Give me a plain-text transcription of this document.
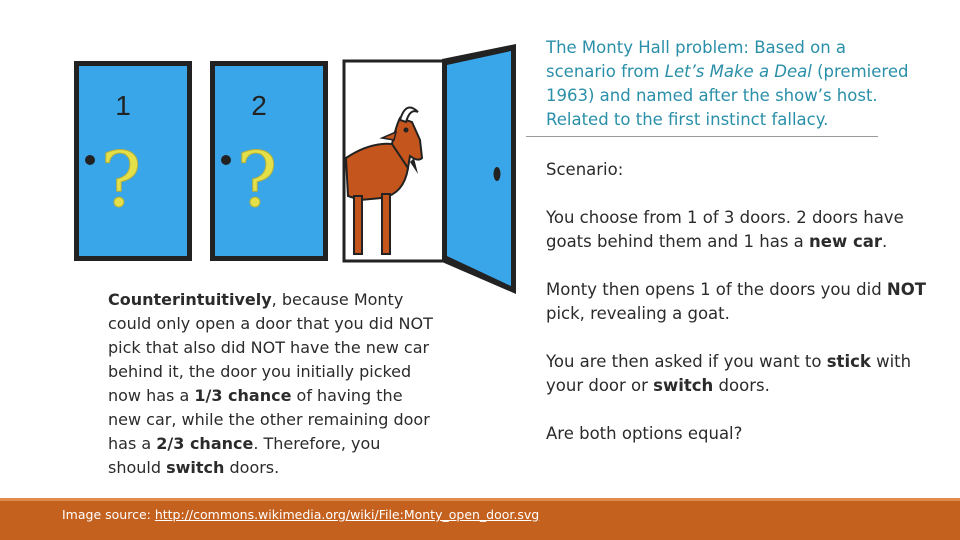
1
?
2
?
The Monty Hall problem: Based on a scenario from Let’s Make a Deal (premiered 1963) and named after the show’s host. Related to the first instinct fallacy.
Scenario:
You choose from 1 of 3 doors. 2 doors have goats behind them and 1 has a new car.
Monty then opens 1 of the doors you did NOT pick, revealing a goat.
You are then asked if you want to stick with your door or switch doors.
Are both options equal?
Counterintuitively, because Monty could only open a door that you did NOT pick that also did NOT have the new car behind it, the door you initially picked now has a 1/3 chance of having the new car, while the other remaining door has a 2/3 chance. Therefore, you should switch doors.
Image source: http://commons.wikimedia.org/wiki/File:Monty_open_door.svg
